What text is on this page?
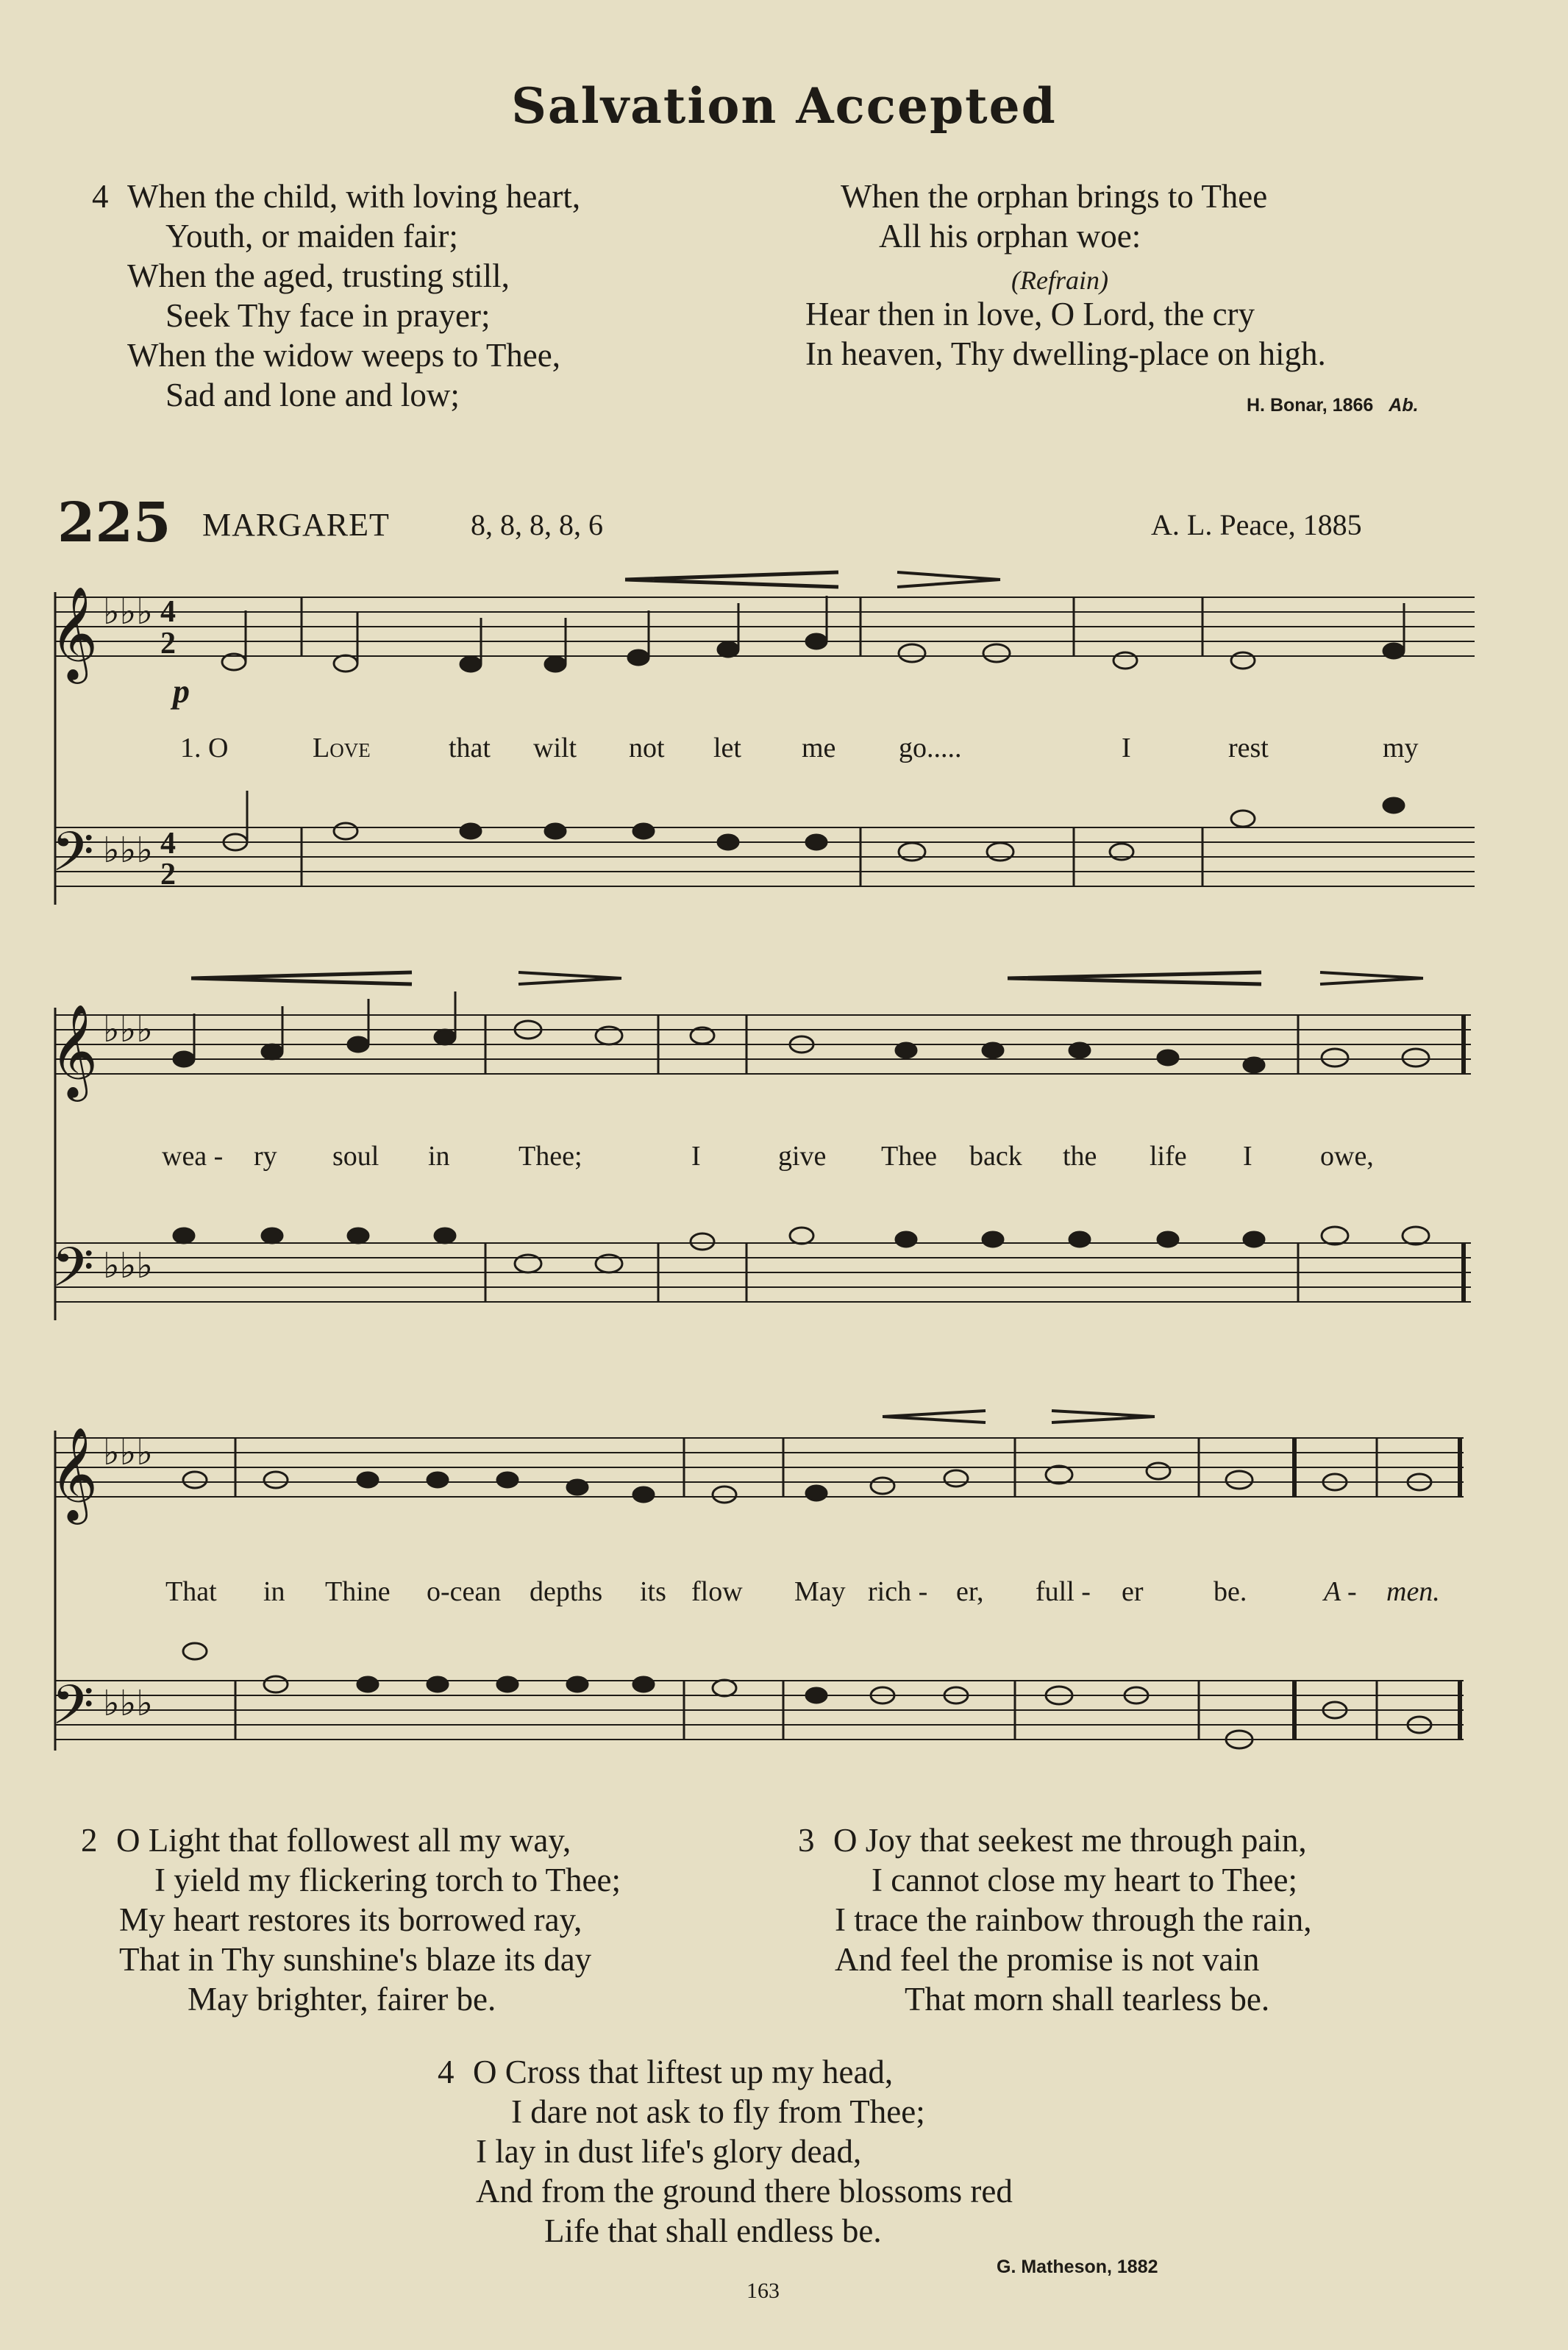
Salvation Accepted
4 When the child, with loving heart,
Youth, or maiden fair;
When the aged, trusting still,
Seek Thy face in prayer;
When the widow weeps to Thee,
Sad and lone and low;
When the orphan brings to Thee
All his orphan woe:
(Refrain)
Hear then in love, O Lord, the cry
In heaven, Thy dwelling-place on high.
H. Bonar, 1866 Ab.
225 MARGARET	8, 8, 8, 8, 6	A. L. Peace, 1885
𝄞
𝄢
♭♭♭
♭♭♭
4
2
4
2
p
1. O	Love	that wilt not let me go.....	I	rest	my
𝄞
𝄢
♭♭♭
♭♭♭
wea - ry soul in Thee;	I	give Thee back the life I owe,
𝄞
𝄢
♭♭♭
♭♭♭
That in Thine o-cean depths its flow May rich - er, full - er	be.	A - men.
2 O Light that followest all my way,
I yield my flickering torch to Thee;
My heart restores its borrowed ray,
That in Thy sunshine's blaze its day
May brighter, fairer be.
3 O Joy that seekest me through pain,
I cannot close my heart to Thee;
I trace the rainbow through the rain,
And feel the promise is not vain
That morn shall tearless be.
4 O Cross that liftest up my head,
I dare not ask to fly from Thee;
I lay in dust life's glory dead,
And from the ground there blossoms red
Life that shall endless be.
G. Matheson, 1882
163
